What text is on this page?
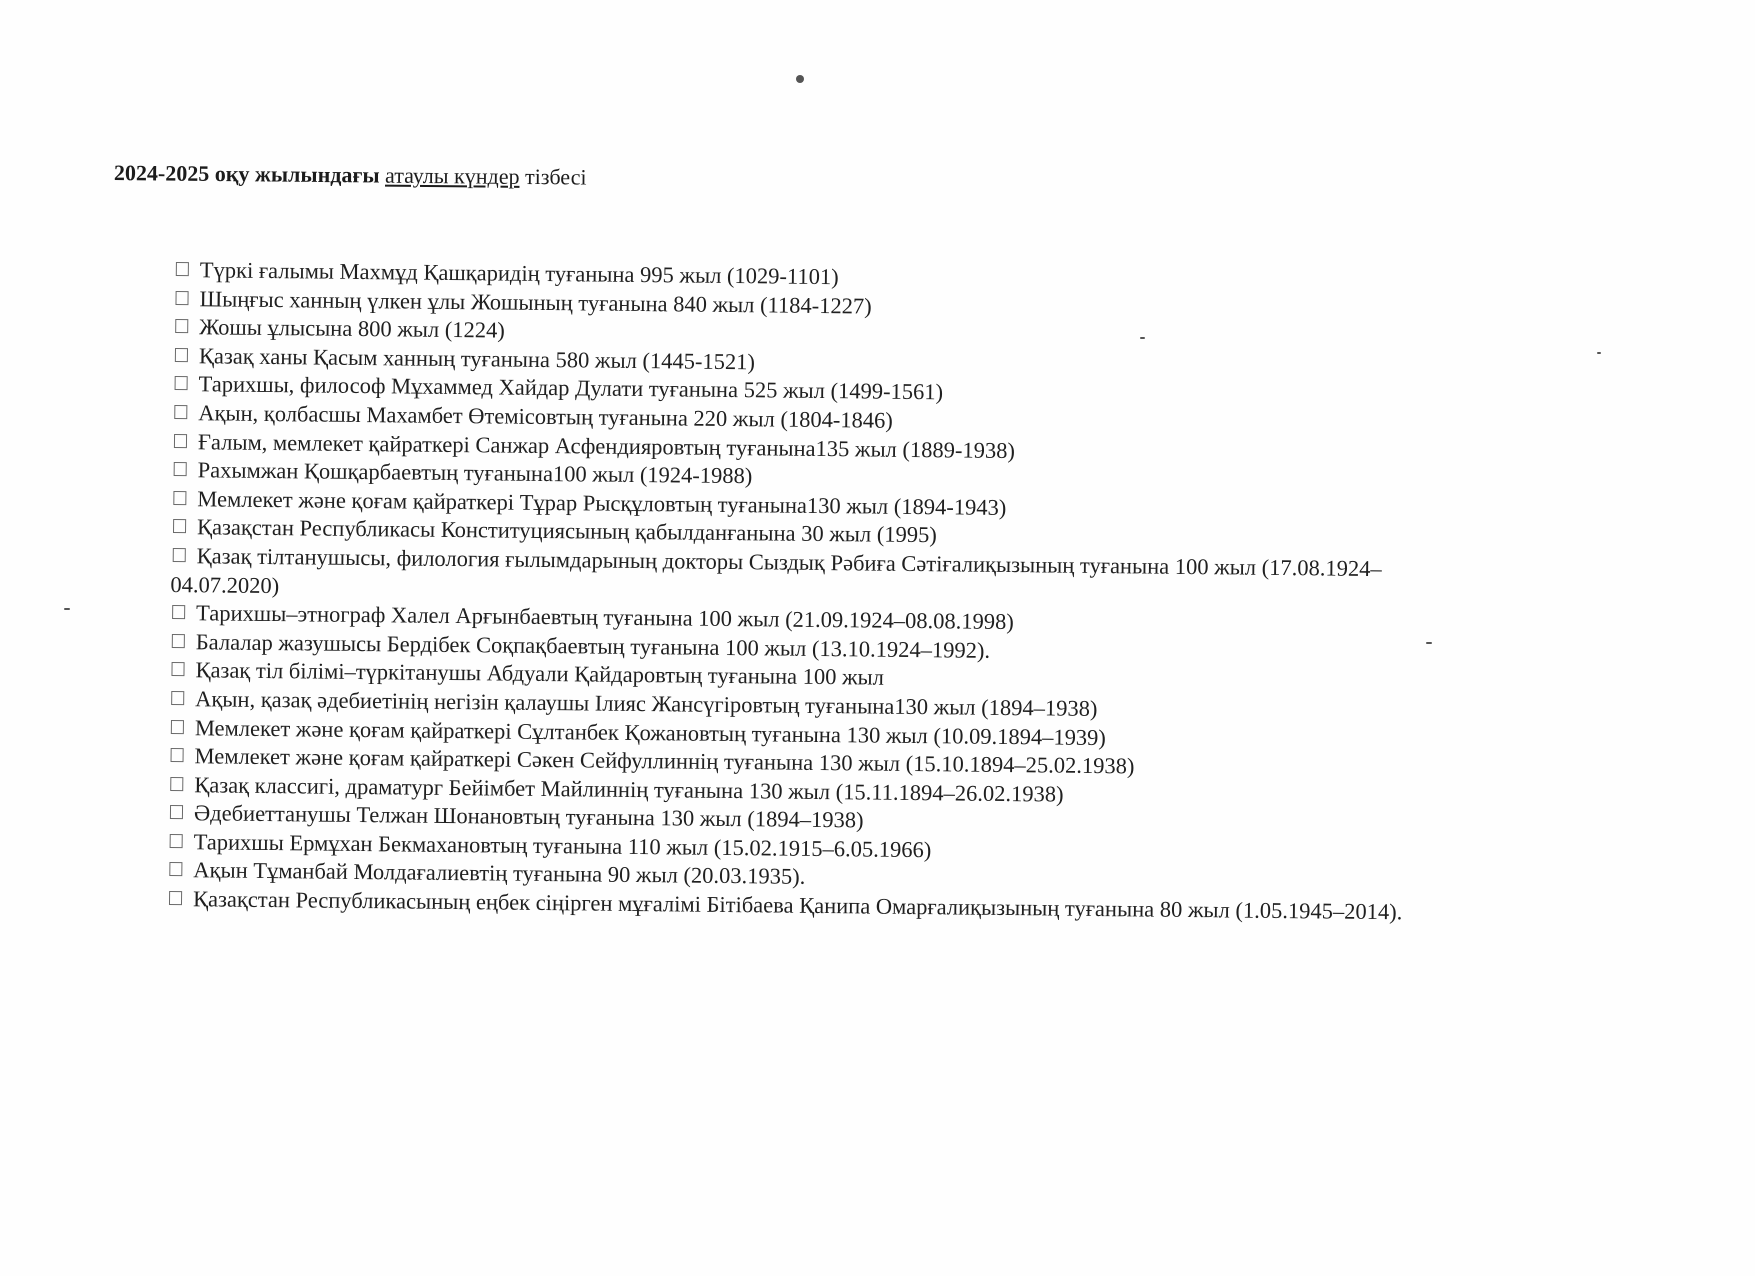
2024-2025 оқу жылындағы атаулы күндер тізбесі
Түркі ғалымы Махмұд Қашқаридің туғанына 995 жыл (1029-1101)
Шыңғыс ханның үлкен ұлы Жошының туғанына 840 жыл (1184-1227)
Жошы ұлысына 800 жыл (1224)
Қазақ ханы Қасым ханның туғанына 580 жыл (1445-1521)
Тарихшы, философ Мұхаммед Хайдар Дулати туғанына 525 жыл (1499-1561)
Ақын, қолбасшы Махамбет Өтемісовтың туғанына 220 жыл (1804-1846)
Ғалым, мемлекет қайраткері Санжар Асфендияровтың туғанына135 жыл (1889-1938)
Рахымжан Қошқарбаевтың туғанына100 жыл (1924-1988)
Мемлекет және қоғам қайраткері Тұрар Рысқұловтың туғанына130 жыл (1894-1943)
Қазақстан Республикасы Конституциясының қабылданғанына 30 жыл (1995)
Қазақ тілтанушысы, филология ғылымдарының докторы Сыздық Рәбиға Сәтіғалиқызының туғанына 100 жыл (17.08.1924–
04.07.2020)
Тарихшы–этнограф Халел Арғынбаевтың туғанына 100 жыл (21.09.1924–08.08.1998)
Балалар жазушысы Бердібек Соқпақбаевтың туғанына 100 жыл (13.10.1924–1992).
Қазақ тіл білімі–түркітанушы Абдуали Қайдаровтың туғанына 100 жыл
Ақын, қазақ әдебиетінің негізін қалаушы Ілияс Жансүгіровтың туғанына130 жыл (1894–1938)
Мемлекет және қоғам қайраткері Сұлтанбек Қожановтың туғанына 130 жыл (10.09.1894–1939)
Мемлекет және қоғам қайраткері Сәкен Сейфуллиннің туғанына 130 жыл (15.10.1894–25.02.1938)
Қазақ классигі, драматург Бейімбет Майлиннің туғанына 130 жыл (15.11.1894–26.02.1938)
Әдебиеттанушы Телжан Шонановтың туғанына 130 жыл (1894–1938)
Тарихшы Ермұхан Бекмахановтың туғанына 110 жыл (15.02.1915–6.05.1966)
Ақын Тұманбай Молдағалиевтің туғанына 90 жыл (20.03.1935).
Қазақстан Республикасының еңбек сіңірген мұғалімі Бітібаева Қанипа Омарғалиқызының туғанына 80 жыл (1.05.1945–2014).
